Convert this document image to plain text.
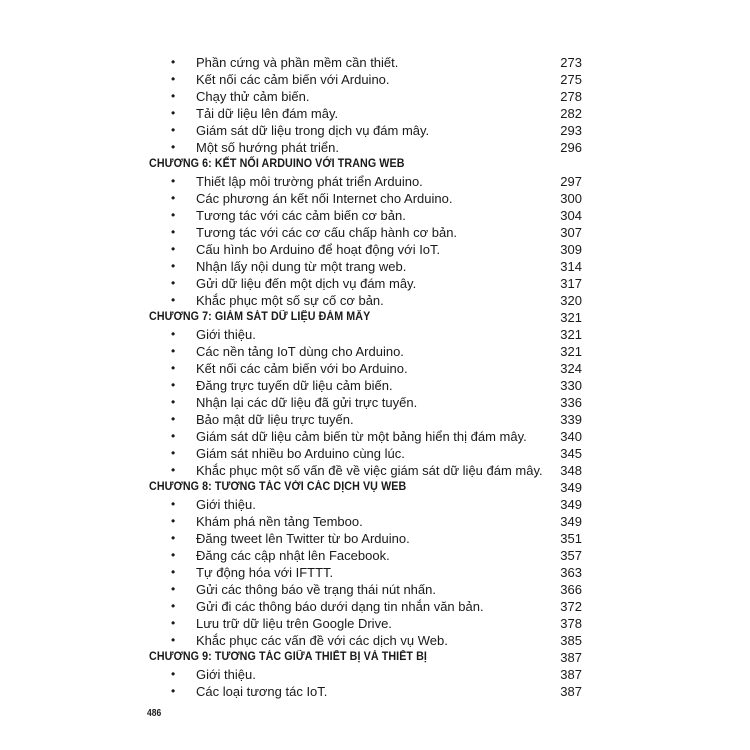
• Phần cứng và phần mềm cần thiết.	273
• Kết nối các cảm biến với Arduino.	275
• Chạy thử cảm biến.	278
• Tải dữ liệu lên đám mây.	282
• Giám sát dữ liệu trong dịch vụ đám mây.	293
• Một số hướng phát triển.	296
CHƯƠNG 6: KẾT NỐI ARDUINO VỚI TRANG WEB
• Thiết lập môi trường phát triển Arduino.	297
• Các phương án kết nối Internet cho Arduino.	300
• Tương tác với các cảm biến cơ bản.	304
• Tương tác với các cơ cấu chấp hành cơ bản.	307
• Cấu hình bo Arduino để hoạt động với IoT.	309
• Nhận lấy nội dung từ một trang web.	314
• Gửi dữ liệu đến một dịch vụ đám mây.	317
• Khắc phục một số sự cố cơ bản.	320
CHƯƠNG 7: GIÁM SÁT DỮ LIỆU ĐÁM MÂY	321
• Giới thiệu.	321
• Các nền tảng IoT dùng cho Arduino.	321
• Kết nối các cảm biến với bo Arduino.	324
• Đăng trực tuyến dữ liệu cảm biến.	330
• Nhận lại các dữ liệu đã gửi trực tuyến.	336
• Bảo mật dữ liệu trực tuyến.	339
• Giám sát dữ liệu cảm biến từ một bảng hiển thị đám mây.	340
• Giám sát nhiều bo Arduino cùng lúc.	345
• Khắc phục một số vấn đề về việc giám sát dữ liệu đám mây. 348
CHƯƠNG 8: TƯƠNG TÁC VỚI CÁC DỊCH VỤ WEB	349
• Giới thiệu.	349
• Khám phá nền tảng Temboo.	349
• Đăng tweet lên Twitter từ bo Arduino.	351
• Đăng các cập nhật lên Facebook.	357
• Tự động hóa với IFTTT.	363
• Gửi các thông báo về trạng thái nút nhấn.	366
• Gửi đi các thông báo dưới dạng tin nhắn văn bản.	372
• Lưu trữ dữ liệu trên Google Drive.	378
• Khắc phục các vấn đề với các dịch vụ Web.	385
CHƯƠNG 9: TƯƠNG TÁC GIỮA THIẾT BỊ VÀ THIẾT BỊ	387
• Giới thiệu.	387
• Các loại tương tác IoT.	387
486
